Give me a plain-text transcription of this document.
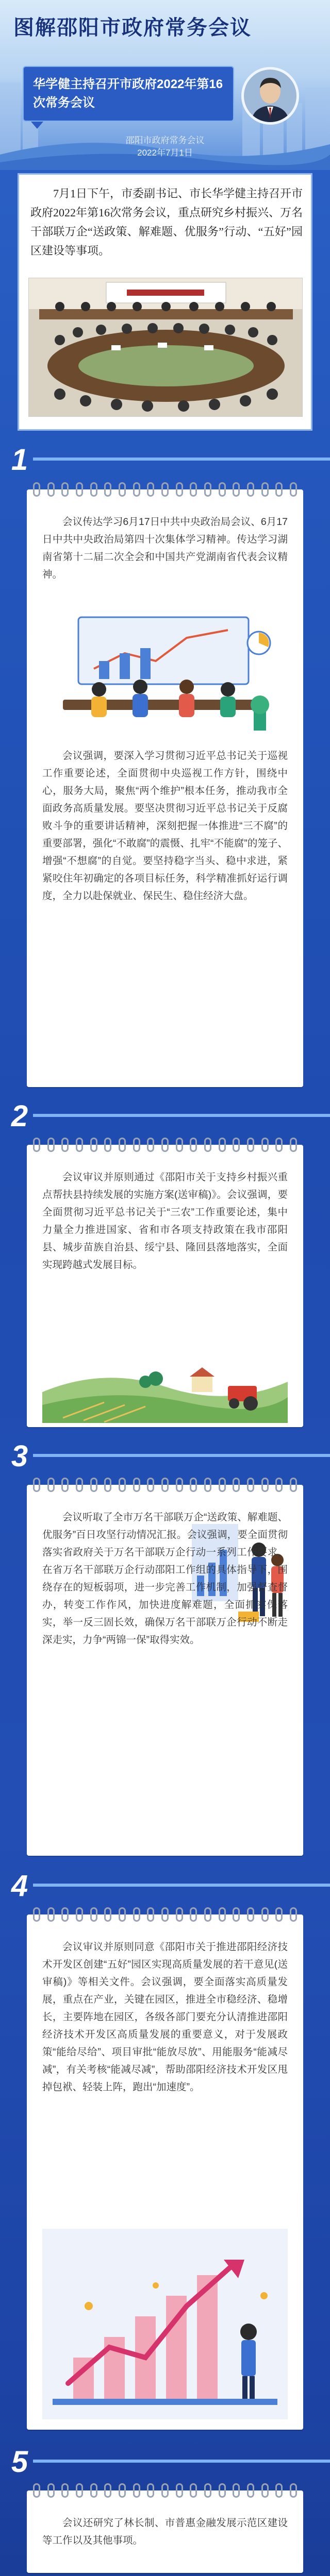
图解邵阳市政府常务会议
华学健主持召开市政府2022年第16次常务会议
邵阳市政府常务会议
2022年7月1日
7月1日下午，市委副书记、市长华学健主持召开市政府2022年第16次常务会议，重点研究乡村振兴、万名干部联万企“送政策、解难题、优服务”行动、“五好”园区建设等事项。
1
会议传达学习6月17日中共中央政治局会议、6月17日中共中央政治局第四十次集体学习精神。传达学习湖南省第十二届二次全会和中国共产党湖南省代表会议精神。
会议强调，要深入学习贯彻习近平总书记关于巡视工作重要论述，全面贯彻中央巡视工作方针，围绕中心，服务大局，聚焦“两个维护”根本任务，推动我市全面政务高质量发展。要坚决贯彻习近平总书记关于反腐败斗争的重要讲话精神，深刻把握一体推进“三不腐”的重要部署，强化“不敢腐”的震慑、扎牢“不能腐”的笼子、增强“不想腐”的自觉。要坚持稳字当头、稳中求进，紧紧咬住年初确定的各项目标任务，科学精准抓好运行调度，全力以赴保就业、保民生、稳住经济大盘。
2
会议审议并原则通过《邵阳市关于支持乡村振兴重点帮扶县持续发展的实施方案(送审稿)》。会议强调，要全面贯彻习近平总书记关于“三农”工作重要论述，集中力量全力推进国家、省和市各项支持政策在我市邵阳县、城步苗族自治县、绥宁县、隆回县落地落实，全面实现跨越式发展目标。
3
会议听取了全市万名干部联万企“送政策、解难题、优服务”百日攻坚行动情况汇报。会议强调，要全面贯彻落实省政府关于万名干部联万企行动一系列工作要求，在省万名干部联万企行动邵阳工作组的具体指导下，围绕存在的短板弱项，进一步完善工作机制，加强督查督办，转变工作作风，加快进度解难题，全面抓实保落实，举一反三固长效，确保万名干部联万企行动不断走深走实，力争“两锦一保”取得实效。
4
会议审议并原则同意《邵阳市关于推进邵阳经济技术开发区创建“五好”园区实现高质量发展的若干意见(送审稿)》等相关文件。会议强调，要全面落实高质量发展，重点在产业，关键在园区，推进全市稳经济、稳增长，主要阵地在园区，各级各部门要充分认清推进邵阳经济技术开发区高质量发展的重要意义，对于发展政策“能给尽给”、项目审批“能放尽放”、用能服务“能减尽减”，有关考核“能减尽减”，帮助邵阳经济技术开发区甩掉包袱、轻装上阵，跑出“加速度”。
5
会议还研究了林长制、市普惠金融发展示范区建设等工作以及其他事项。
